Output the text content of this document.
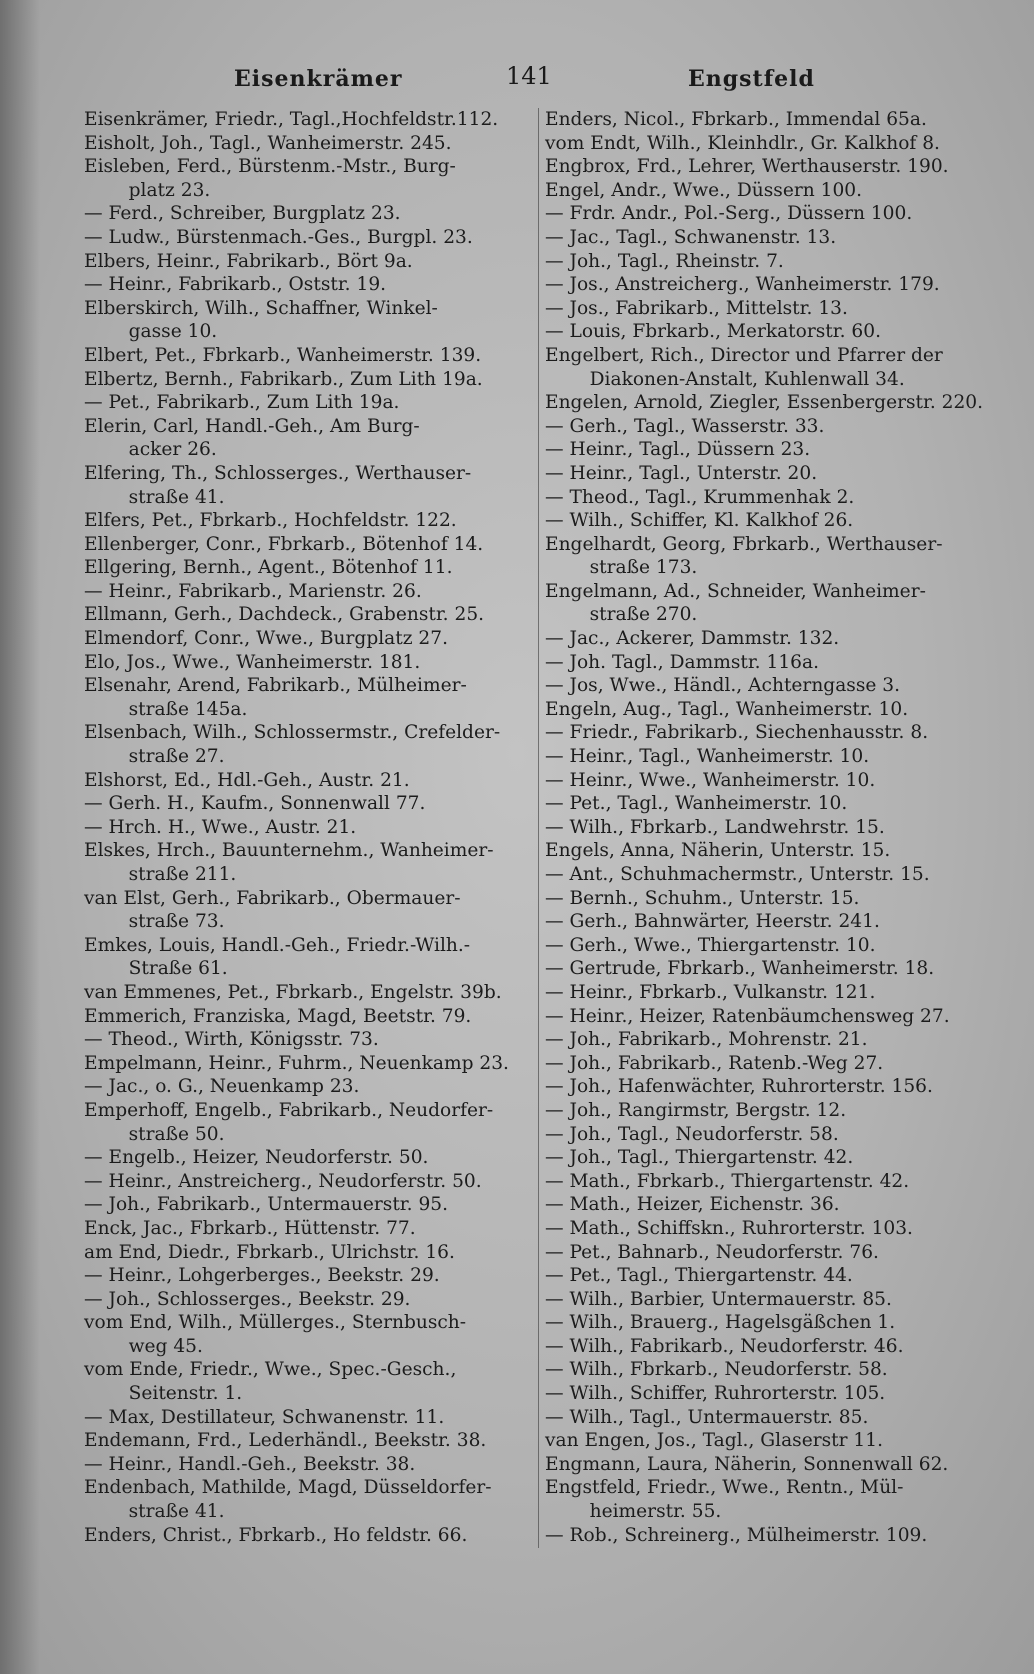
Eisenkrämer	141	Engstfeld
Eisenkrämer, Friedr., Tagl.,Hochfeldstr.112.
Eisholt, Joh., Tagl., Wanheimerstr. 245.
Eisleben, Ferd., Bürstenm.-Mstr., Burg-
platz 23.
— Ferd., Schreiber, Burgplatz 23.
— Ludw., Bürstenmach.-Ges., Burgpl. 23.
Elbers, Heinr., Fabrikarb., Bört 9a.
— Heinr., Fabrikarb., Oststr. 19.
Elberskirch, Wilh., Schaffner, Winkel-
gasse 10.
Elbert, Pet., Fbrkarb., Wanheimerstr. 139.
Elbertz, Bernh., Fabrikarb., Zum Lith 19a.
— Pet., Fabrikarb., Zum Lith 19a.
Elerin, Carl, Handl.-Geh., Am Burg-
acker 26.
Elfering, Th., Schlosserges., Werthauser-
straße 41.
Elfers, Pet., Fbrkarb., Hochfeldstr. 122.
Ellenberger, Conr., Fbrkarb., Bötenhof 14.
Ellgering, Bernh., Agent., Bötenhof 11.
— Heinr., Fabrikarb., Marienstr. 26.
Ellmann, Gerh., Dachdeck., Grabenstr. 25.
Elmendorf, Conr., Wwe., Burgplatz 27.
Elo, Jos., Wwe., Wanheimerstr. 181.
Elsenahr, Arend, Fabrikarb., Mülheimer-
straße 145a.
Elsenbach, Wilh., Schlossermstr., Crefelder-
straße 27.
Elshorst, Ed., Hdl.-Geh., Austr. 21.
— Gerh. H., Kaufm., Sonnenwall 77.
— Hrch. H., Wwe., Austr. 21.
Elskes, Hrch., Bauunternehm., Wanheimer-
straße 211.
van Elst, Gerh., Fabrikarb., Obermauer-
straße 73.
Emkes, Louis, Handl.-Geh., Friedr.-Wilh.-
Straße 61.
van Emmenes, Pet., Fbrkarb., Engelstr. 39b.
Emmerich, Franziska, Magd, Beetstr. 79.
— Theod., Wirth, Königsstr. 73.
Empelmann, Heinr., Fuhrm., Neuenkamp 23.
— Jac., o. G., Neuenkamp 23.
Emperhoff, Engelb., Fabrikarb., Neudorfer-
straße 50.
— Engelb., Heizer, Neudorferstr. 50.
— Heinr., Anstreicherg., Neudorferstr. 50.
— Joh., Fabrikarb., Untermauerstr. 95.
Enck, Jac., Fbrkarb., Hüttenstr. 77.
am End, Diedr., Fbrkarb., Ulrichstr. 16.
— Heinr., Lohgerberges., Beekstr. 29.
— Joh., Schlosserges., Beekstr. 29.
vom End, Wilh., Müllerges., Sternbusch-
weg 45.
vom Ende, Friedr., Wwe., Spec.-Gesch.,
Seitenstr. 1.
— Max, Destillateur, Schwanenstr. 11.
Endemann, Frd., Lederhändl., Beekstr. 38.
— Heinr., Handl.-Geh., Beekstr. 38.
Endenbach, Mathilde, Magd, Düsseldorfer-
straße 41.
Enders, Christ., Fbrkarb., Ho feldstr. 66.
Enders, Nicol., Fbrkarb., Immendal 65a.
vom Endt, Wilh., Kleinhdlr., Gr. Kalkhof 8.
Engbrox, Frd., Lehrer, Werthauserstr. 190.
Engel, Andr., Wwe., Düssern 100.
— Frdr. Andr., Pol.-Serg., Düssern 100.
— Jac., Tagl., Schwanenstr. 13.
— Joh., Tagl., Rheinstr. 7.
— Jos., Anstreicherg., Wanheimerstr. 179.
— Jos., Fabrikarb., Mittelstr. 13.
— Louis, Fbrkarb., Merkatorstr. 60.
Engelbert, Rich., Director und Pfarrer der
Diakonen-Anstalt, Kuhlenwall 34.
Engelen, Arnold, Ziegler, Essenbergerstr. 220.
— Gerh., Tagl., Wasserstr. 33.
— Heinr., Tagl., Düssern 23.
— Heinr., Tagl., Unterstr. 20.
— Theod., Tagl., Krummenhak 2.
— Wilh., Schiffer, Kl. Kalkhof 26.
Engelhardt, Georg, Fbrkarb., Werthauser-
straße 173.
Engelmann, Ad., Schneider, Wanheimer-
straße 270.
— Jac., Ackerer, Dammstr. 132.
— Joh. Tagl., Dammstr. 116a.
— Jos, Wwe., Händl., Achterngasse 3.
Engeln, Aug., Tagl., Wanheimerstr. 10.
— Friedr., Fabrikarb., Siechenhausstr. 8.
— Heinr., Tagl., Wanheimerstr. 10.
— Heinr., Wwe., Wanheimerstr. 10.
— Pet., Tagl., Wanheimerstr. 10.
— Wilh., Fbrkarb., Landwehrstr. 15.
Engels, Anna, Näherin, Unterstr. 15.
— Ant., Schuhmachermstr., Unterstr. 15.
— Bernh., Schuhm., Unterstr. 15.
— Gerh., Bahnwärter, Heerstr. 241.
— Gerh., Wwe., Thiergartenstr. 10.
— Gertrude, Fbrkarb., Wanheimerstr. 18.
— Heinr., Fbrkarb., Vulkanstr. 121.
— Heinr., Heizer, Ratenbäumchensweg 27.
— Joh., Fabrikarb., Mohrenstr. 21.
— Joh., Fabrikarb., Ratenb.-Weg 27.
— Joh., Hafenwächter, Ruhrorterstr. 156.
— Joh., Rangirmstr, Bergstr. 12.
— Joh., Tagl., Neudorferstr. 58.
— Joh., Tagl., Thiergartenstr. 42.
— Math., Fbrkarb., Thiergartenstr. 42.
— Math., Heizer, Eichenstr. 36.
— Math., Schiffskn., Ruhrorterstr. 103.
— Pet., Bahnarb., Neudorferstr. 76.
— Pet., Tagl., Thiergartenstr. 44.
— Wilh., Barbier, Untermauerstr. 85.
— Wilh., Brauerg., Hagelsgäßchen 1.
— Wilh., Fabrikarb., Neudorferstr. 46.
— Wilh., Fbrkarb., Neudorferstr. 58.
— Wilh., Schiffer, Ruhrorterstr. 105.
— Wilh., Tagl., Untermauerstr. 85.
van Engen, Jos., Tagl., Glaserstr 11.
Engmann, Laura, Näherin, Sonnenwall 62.
Engstfeld, Friedr., Wwe., Rentn., Mül-
heimerstr. 55.
— Rob., Schreinerg., Mülheimerstr. 109.
